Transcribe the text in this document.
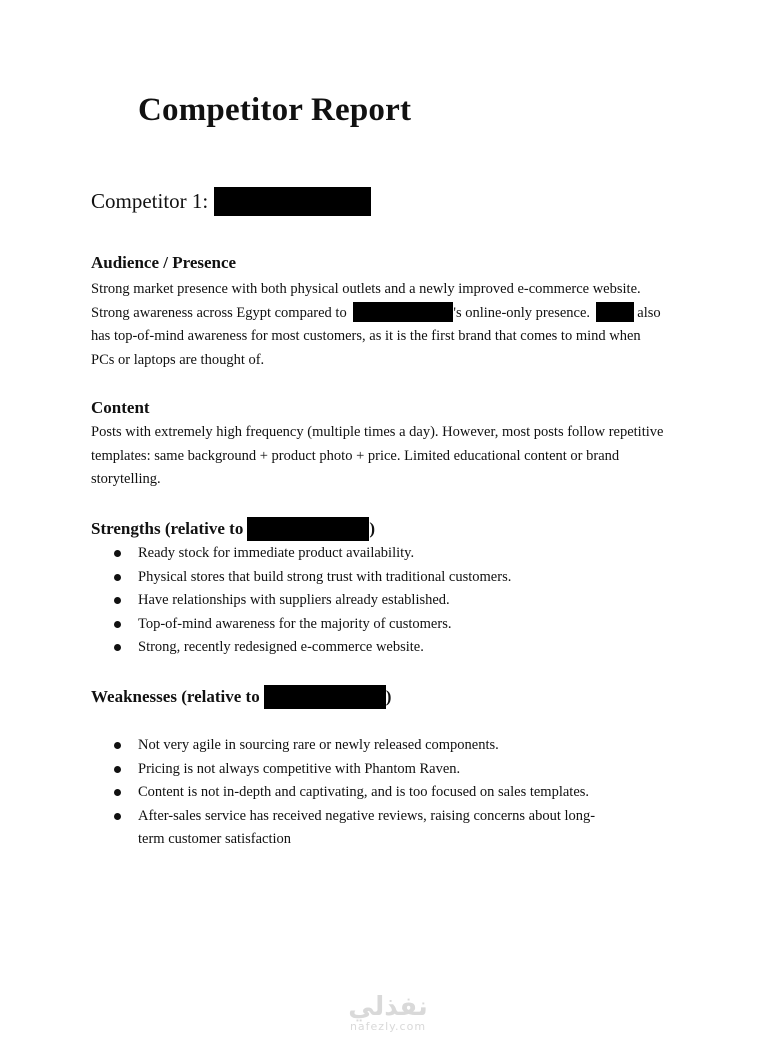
Competitor Report
Competitor 1:
Audience / Presence
Strong market presence with both physical outlets and a newly improved e-commerce website.
Strong awareness across Egypt compared to	's online-only presence.	also
has top-of-mind awareness for most customers, as it is the first brand that comes to mind when
PCs or laptops are thought of.
Content
Posts with extremely high frequency (multiple times a day). However, most posts follow repetitive templates: same background + product photo + price. Limited educational content or brand storytelling.
Strengths (relative to	)
Ready stock for immediate product availability.
Physical stores that build strong trust with traditional customers.
Have relationships with suppliers already established.
Top-of-mind awareness for the majority of customers.
Strong, recently redesigned e-commerce website.
Weaknesses (relative to	)
Not very agile in sourcing rare or newly released components.
Pricing is not always competitive with Phantom Raven.
Content is not in-depth and captivating, and is too focused on sales templates.
After-sales service has received negative reviews, raising concerns about long-term customer satisfaction
نفذلي
nafezly.com
